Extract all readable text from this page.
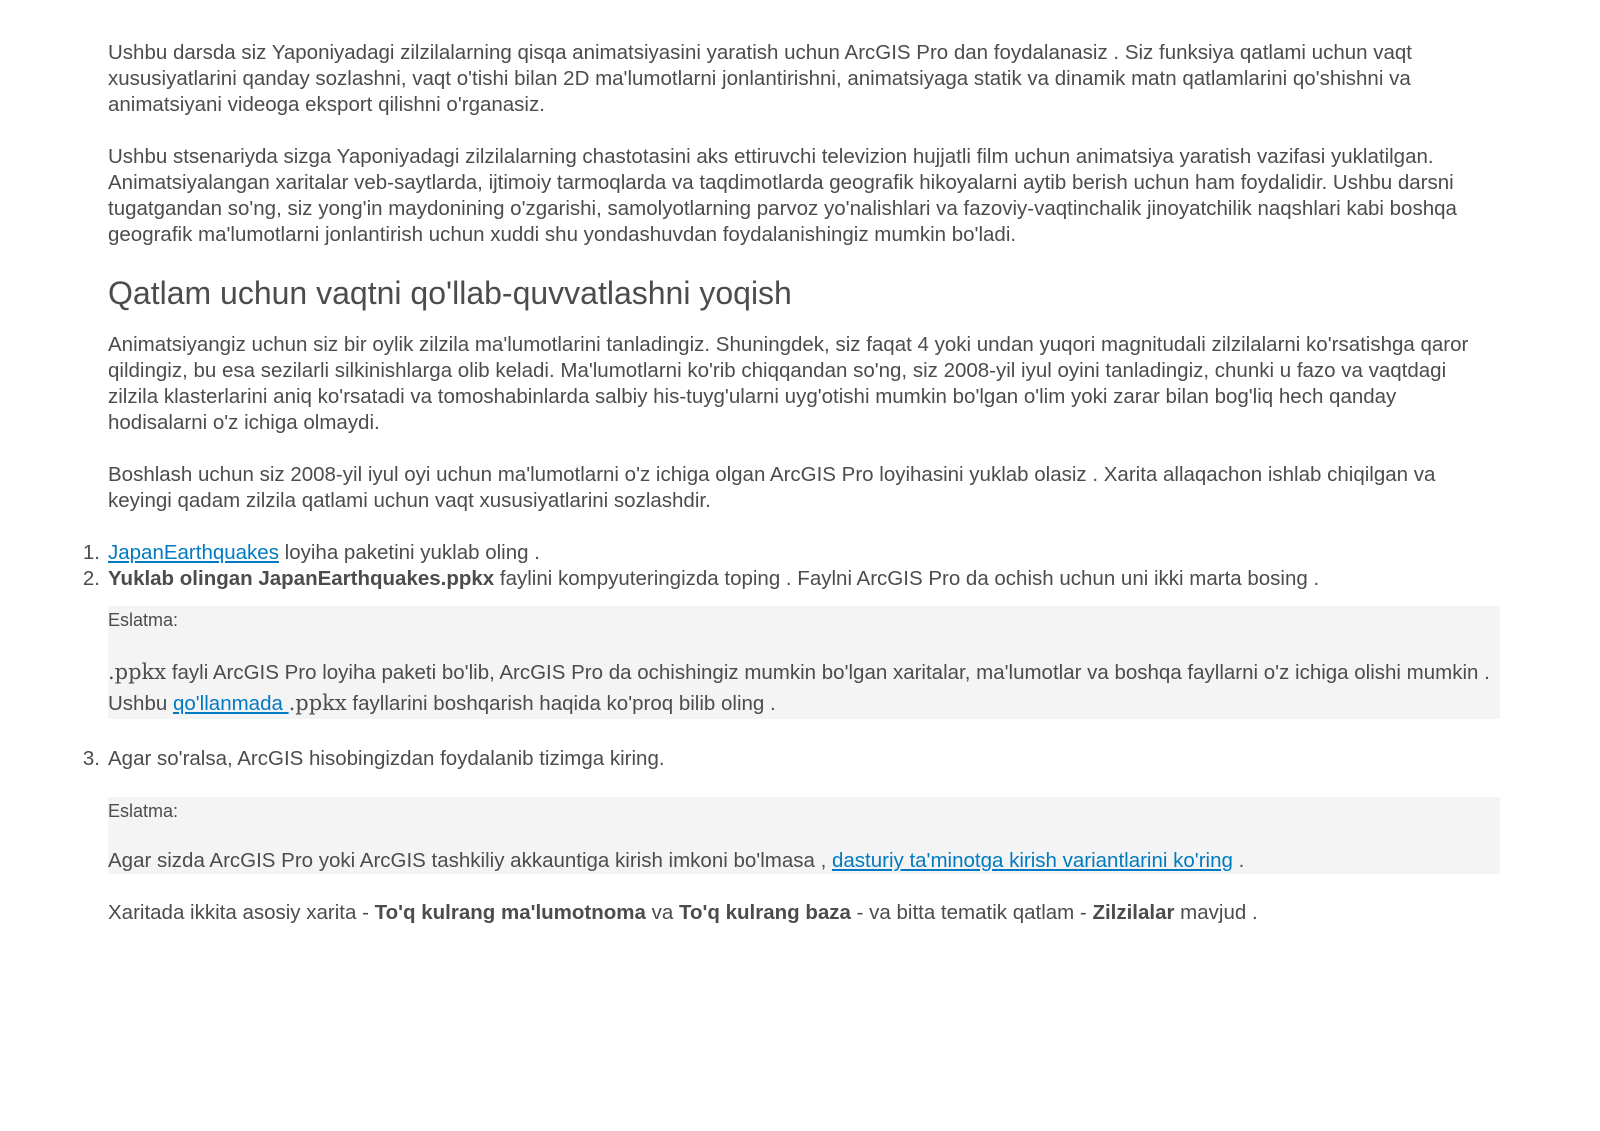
Ushbu darsda siz Yaponiyadagi zilzilalarning qisqa animatsiyasini yaratish uchun ArcGIS Pro dan foydalanasiz . Siz funksiya qatlami uchun vaqt xususiyatlarini qanday sozlashni, vaqt o'tishi bilan 2D ma'lumotlarni jonlantirishni, animatsiyaga statik va dinamik matn qatlamlarini qo'shishni va animatsiyani videoga eksport qilishni o'rganasiz.

Ushbu stsenariyda sizga Yaponiyadagi zilzilalarning chastotasini aks ettiruvchi televizion hujjatli film uchun animatsiya yaratish vazifasi yuklatilgan. Animatsiyalangan xaritalar veb-saytlarda, ijtimoiy tarmoqlarda va taqdimotlarda geografik hikoyalarni aytib berish uchun ham foydalidir. Ushbu darsni tugatgandan so'ng, siz yong'in maydonining o'zgarishi, samolyotlarning parvoz yo'nalishlari va fazoviy-vaqtinchalik jinoyatchilik naqshlari kabi boshqa geografik ma'lumotlarni jonlantirish uchun xuddi shu yondashuvdan foydalanishingiz mumkin bo'ladi.

Qatlam uchun vaqtni qo'llab-quvvatlashni yoqish

Animatsiyangiz uchun siz bir oylik zilzila ma'lumotlarini tanladingiz. Shuningdek, siz faqat 4 yoki undan yuqori magnitudali zilzilalarni ko'rsatishga qaror qildingiz, bu esa sezilarli silkinishlarga olib keladi. Ma'lumotlarni ko'rib chiqqandan so'ng, siz 2008-yil iyul oyini tanladingiz, chunki u fazo va vaqtdagi zilzila klasterlarini aniq ko'rsatadi va tomoshabinlarda salbiy his-tuyg'ularni uyg'otishi mumkin bo'lgan o'lim yoki zarar bilan bog'liq hech qanday hodisalarni o'z ichiga olmaydi.

Boshlash uchun siz 2008-yil iyul oyi uchun ma'lumotlarni o'z ichiga olgan ArcGIS Pro loyihasini yuklab olasiz . Xarita allaqachon ishlab chiqilgan va keyingi qadam zilzila qatlami uchun vaqt xususiyatlarini sozlashdir.

1. JapanEarthquakes loyiha paketini yuklab oling .
2. Yuklab olingan JapanEarthquakes.ppkx faylini kompyuteringizda toping . Faylni ArcGIS Pro da ochish uchun uni ikki marta bosing .
Eslatma:
.ppkx fayli ArcGIS Pro loyiha paketi bo'lib, ArcGIS Pro da ochishingiz mumkin bo'lgan xaritalar, ma'lumotlar va boshqa fayllarni o'z ichiga olishi mumkin . Ushbu qo'llanmada .ppkx fayllarini boshqarish haqida ko'proq bilib oling .
3. Agar so'ralsa, ArcGIS hisobingizdan foydalanib tizimga kiring.
Eslatma:
Agar sizda ArcGIS Pro yoki ArcGIS tashkiliy akkauntiga kirish imkoni bo'lmasa , dasturiy ta'minotga kirish variantlarini ko'ring .

Xaritada ikkita asosiy xarita - To'q kulrang ma'lumotnoma va To'q kulrang baza - va bitta tematik qatlam - Zilzilalar mavjud .
